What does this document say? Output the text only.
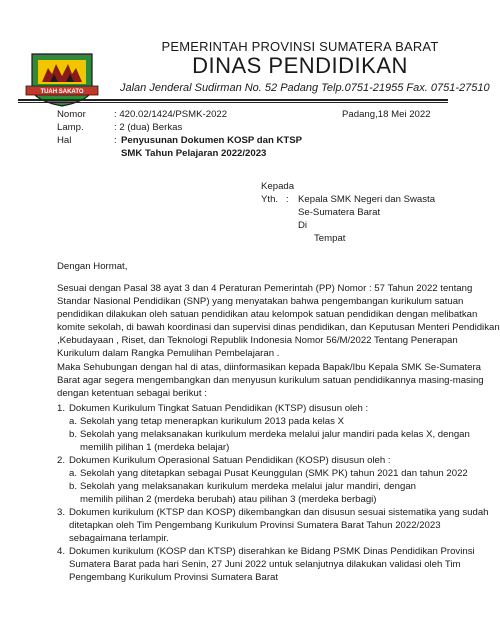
TUAH SAKATO
PEMERINTAH PROVINSI SUMATERA BARAT
DINAS PENDIDIKAN
Jalan Jenderal Sudirman No. 52 Padang Telp.0751-21955 Fax. 0751-27510
Nomor	: 420.02/1424/PSMK-2022	Padang,18 Mei 2022
Lamp.	: 2 (dua) Berkas
Hal	: Penyusunan Dokumen KOSP dan KTSP
SMK Tahun Pelajaran 2022/2023
Kepada
Yth. : Kepala SMK Negeri dan Swasta
Se-Sumatera Barat
Di
Tempat
Dengan Hormat,
Sesuai dengan Pasal 38 ayat 3 dan 4 Peraturan Pemerintah (PP) Nomor : 57 Tahun 2022 tentang
Standar Nasional Pendidikan (SNP) yang menyatakan bahwa pengembangan kurikulum satuan
pendidikan dilakukan oleh satuan pendidikan atau kelompok satuan pendidikan dengan melibatkan
komite sekolah, di bawah koordinasi dan supervisi dinas pendidikan, dan Keputusan Menteri Pendidikan
,Kebudayaan , Riset, dan Teknologi Republik Indonesia Nomor 56/M/2022 Tentang Penerapan
Kurikulum dalam Rangka Pemulihan Pembelajaran .
Maka Sehubungan dengan hal di atas, diinformasikan kepada Bapak/Ibu Kepala SMK Se-Sumatera
Barat agar segera mengembangkan dan menyusun kurikulum satuan pendidikannya masing-masing
dengan ketentuan sebagai berikut :
1. Dokumen Kurikulum Tingkat Satuan Pendidikan (KTSP) disusun oleh :
a. Sekolah yang tetap menerapkan kurikulum 2013 pada kelas X
b. Sekolah yang melaksanakan kurikulum merdeka melalui jalur mandiri pada kelas X, dengan
memilih pilihan 1 (merdeka belajar)
2. Dokumen Kurikulum Operasional Satuan Pendidikan (KOSP) disusun oleh :
a. Sekolah yang ditetapkan sebagai Pusat Keunggulan (SMK PK) tahun 2021 dan tahun 2022
b. Sekolah yang melaksanakan kurikulum merdeka melalui jalur mandiri, dengan
memilih pilihan 2 (merdeka berubah) atau pilihan 3 (merdeka berbagi)
3. Dokumen kurikulum (KTSP dan KOSP) dikembangkan dan disusun sesuai sistematika yang sudah
ditetapkan oleh Tim Pengembang Kurikulum Provinsi Sumatera Barat Tahun 2022/2023
sebagaimana terlampir.
4. Dokumen kurikulum (KOSP dan KTSP) diserahkan ke Bidang PSMK Dinas Pendidikan Provinsi
Sumatera Barat pada hari Senin, 27 Juni 2022 untuk selanjutnya dilakukan validasi oleh Tim
Pengembang Kurikulum Provinsi Sumatera Barat
